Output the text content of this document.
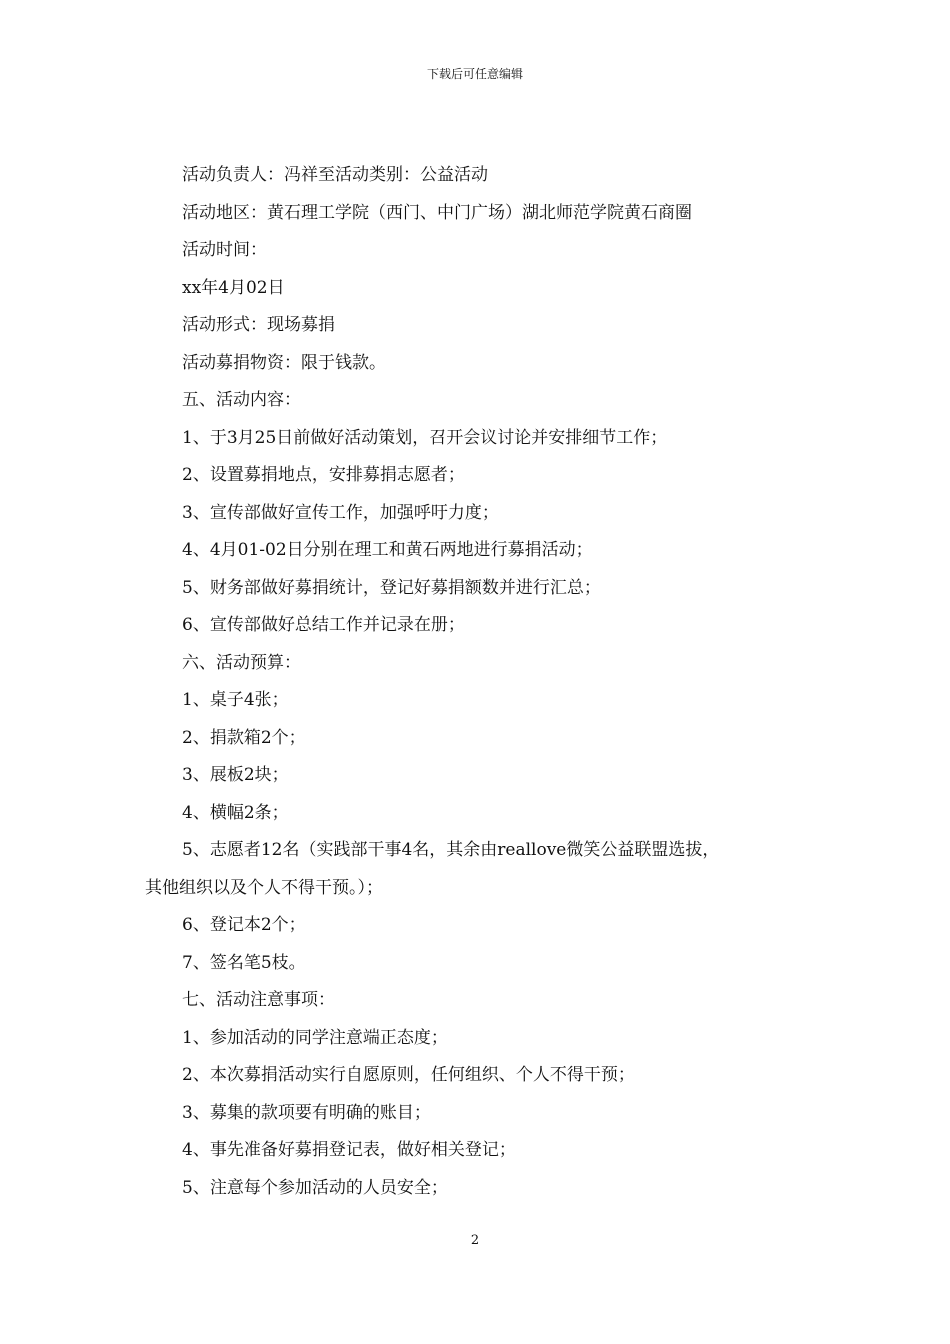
下载后可任意编辑
活动负责人：冯祥至活动类别：公益活动
活动地区：黄石理工学院（西门、中门广场）湖北师范学院黄石商圈
活动时间：
xx年4月02日
活动形式：现场募捐
活动募捐物资：限于钱款。
五、活动内容：
1、于3月25日前做好活动策划，召开会议讨论并安排细节工作；
2、设置募捐地点，安排募捐志愿者；
3、宣传部做好宣传工作，加强呼吁力度；
4、4月01-02日分别在理工和黄石两地进行募捐活动；
5、财务部做好募捐统计，登记好募捐额数并进行汇总；
6、宣传部做好总结工作并记录在册；
六、活动预算：
1、桌子4张；
2、捐款箱2个；
3、展板2块；
4、横幅2条；
5、志愿者12名（实践部干事4名，其余由reallove微笑公益联盟选拔，
其他组织以及个人不得干预。）；
6、登记本2个；
7、签名笔5枝。
七、活动注意事项：
1、参加活动的同学注意端正态度；
2、本次募捐活动实行自愿原则，任何组织、个人不得干预；
3、募集的款项要有明确的账目；
4、事先准备好募捐登记表，做好相关登记；
5、注意每个参加活动的人员安全；
2
